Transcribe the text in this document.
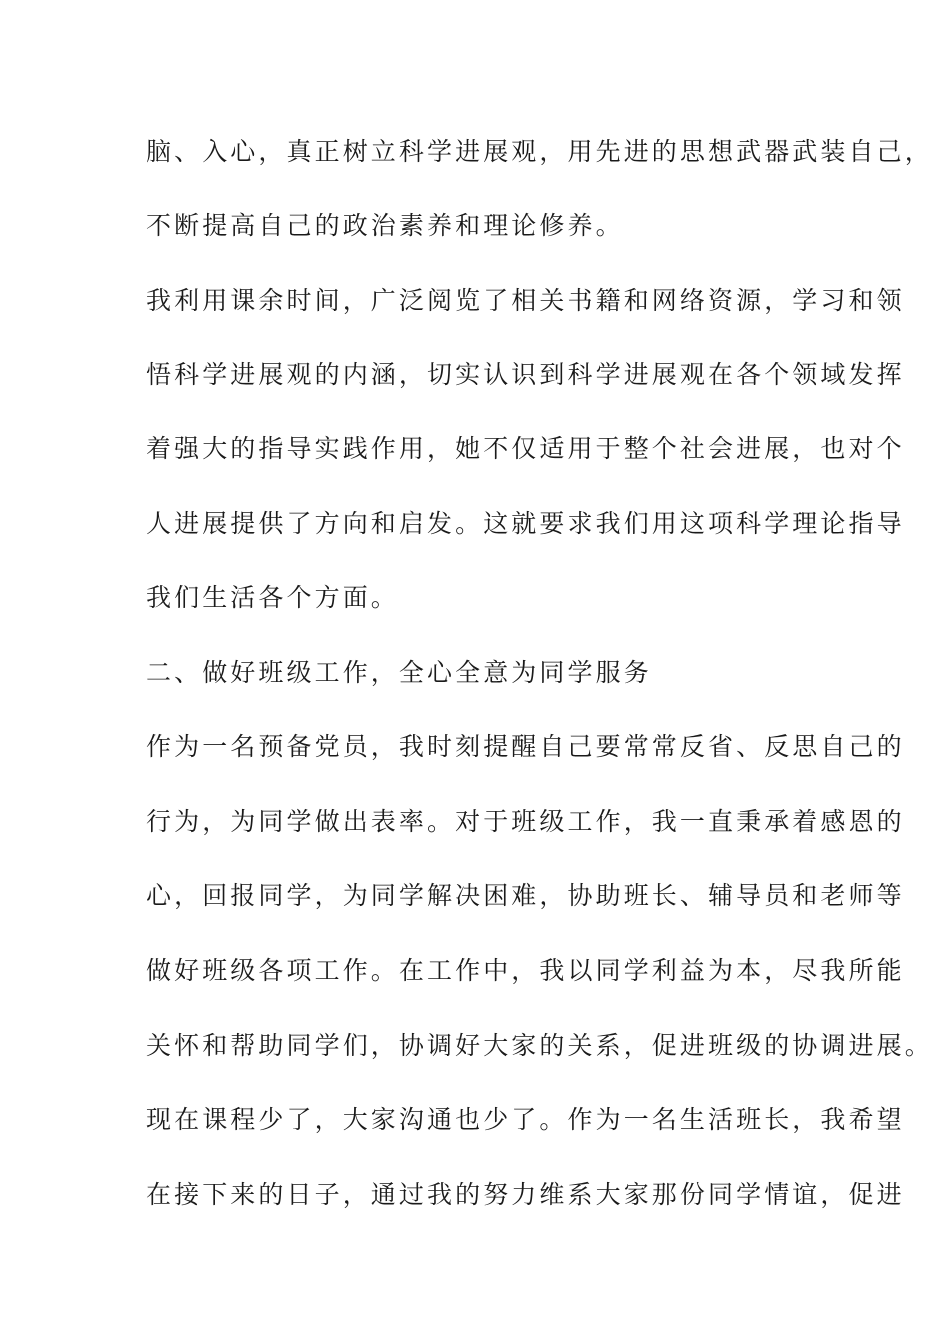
脑、入心，真正树立科学进展观，用先进的思想武器武装自己，
不断提高自己的政治素养和理论修养。
我利用课余时间，广泛阅览了相关书籍和网络资源，学习和领
悟科学进展观的内涵，切实认识到科学进展观在各个领域发挥
着强大的指导实践作用，她不仅适用于整个社会进展，也对个
人进展提供了方向和启发。这就要求我们用这项科学理论指导
我们生活各个方面。
二、做好班级工作，全心全意为同学服务
作为一名预备党员，我时刻提醒自己要常常反省、反思自己的
行为，为同学做出表率。对于班级工作，我一直秉承着感恩的
心，回报同学，为同学解决困难，协助班长、辅导员和老师等
做好班级各项工作。在工作中，我以同学利益为本，尽我所能
关怀和帮助同学们，协调好大家的关系，促进班级的协调进展。
现在课程少了，大家沟通也少了。作为一名生活班长，我希望
在接下来的日子，通过我的努力维系大家那份同学情谊，促进
